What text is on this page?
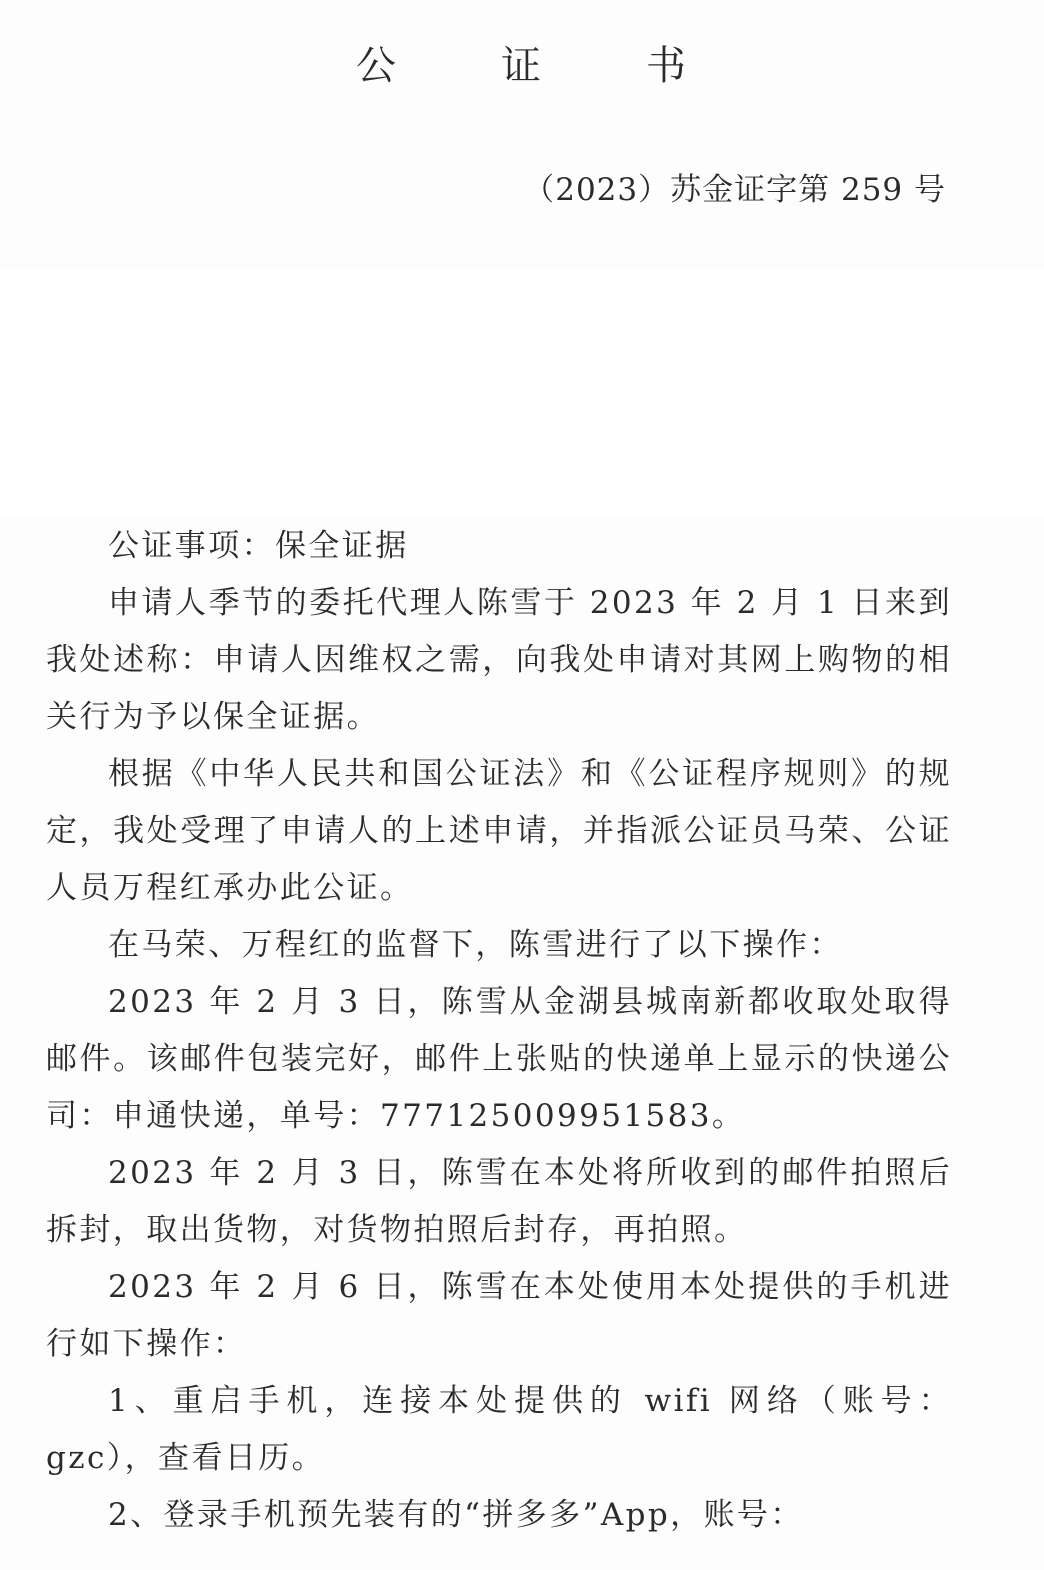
公	证	书
（2023）苏金证字第 259 号

公证事项：保全证据

申请人季节的委托代理人陈雪于 2023 年 2 月 1 日来到我处述称：申请人因维权之需，向我处申请对其网上购物的相关行为予以保全证据。

根据《中华人民共和国公证法》和《公证程序规则》的规定，我处受理了申请人的上述申请，并指派公证员马荣、公证人员万程红承办此公证。

在马荣、万程红的监督下，陈雪进行了以下操作：

2023 年 2 月 3 日，陈雪从金湖县城南新都收取处取得邮件。该邮件包装完好，邮件上张贴的快递单上显示的快递公司：申通快递，单号：777125009951583。

2023 年 2 月 3 日，陈雪在本处将所收到的邮件拍照后拆封，取出货物，对货物拍照后封存，再拍照。

2023 年 2 月 6 日，陈雪在本处使用本处提供的手机进行如下操作：

1、重启手机，连接本处提供的 wifi 网络（账号：gzc），查看日历。

2、登录手机预先装有的“拼多多”App，账号：
